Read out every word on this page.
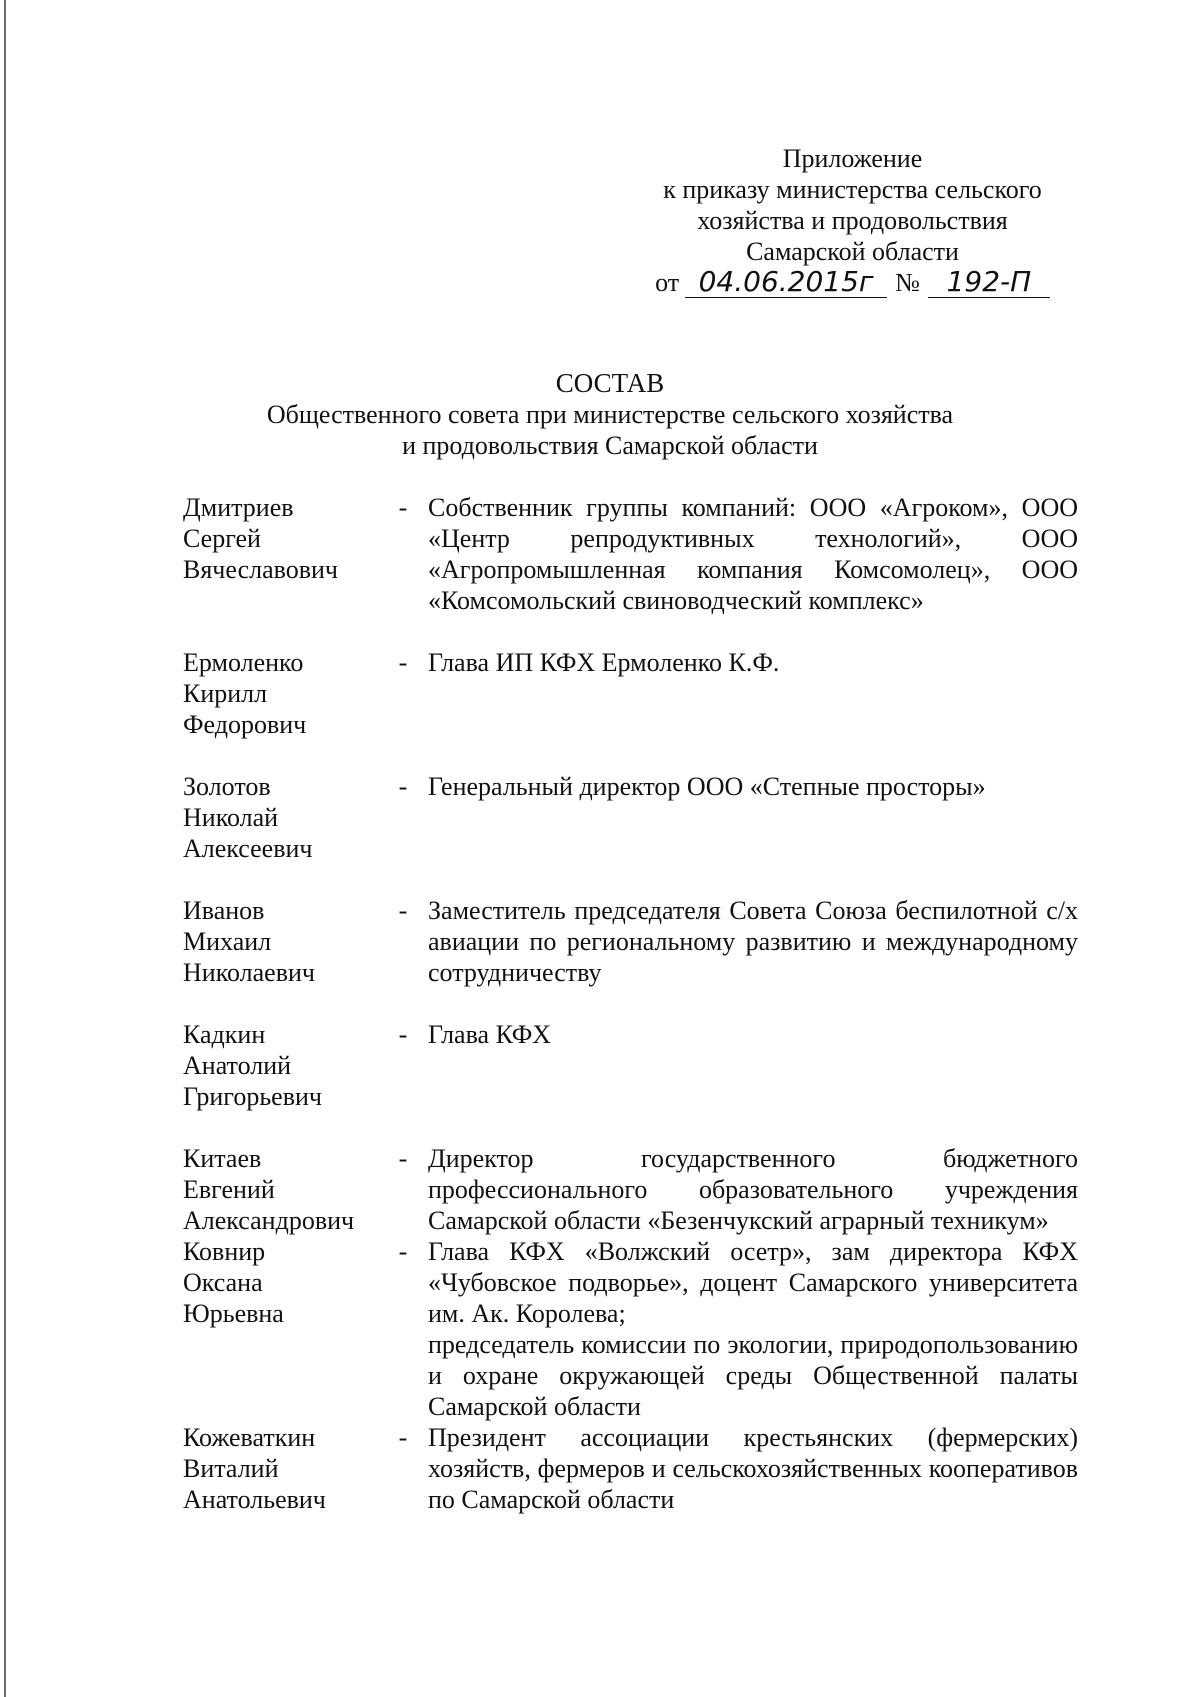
Приложение
к приказу министерства сельского
хозяйства и продовольствия
Самарской области
от 04.06.2015г № 192-П
СОСТАВ
Общественного совета при министерстве сельского хозяйства
и продовольствия Самарской области
Дмитриев
Сергей
Вячеславович
- Собственник группы компаний: ООО «Агроком», ООО «Центр репродуктивных технологий», ООО «Агропромышленная компания Комсомолец», ООО «Комсомольский свиноводческий комплекс»

Ермоленко
Кирилл
Федорович
- Глава ИП КФХ Ермоленко К.Ф.

Золотов
Николай
Алексеевич
- Генеральный директор ООО «Степные просторы»

Иванов
Михаил
Николаевич
- Заместитель председателя Совета Союза беспилотной с/х авиации по региональному развитию и международному сотрудничеству

Кадкин
Анатолий
Григорьевич
- Глава КФХ

Китаев
Евгений
Александрович
- Директор государственного бюджетного профессионального образовательного учреждения Самарской области «Безенчукский аграрный техникум»

Ковнир
Оксана
Юрьевна
- Глава КФХ «Волжский осетр», зам директора КФХ «Чубовское подворье», доцент Самарского университета им. Ак. Королева;

председатель комиссии по экологии, природопользованию и охране окружающей среды Общественной палаты Самарской области

Кожеваткин
Виталий
Анатольевич
- Президент ассоциации крестьянских (фермерских) хозяйств, фермеров и сельскохозяйственных кооперативов по Самарской области
